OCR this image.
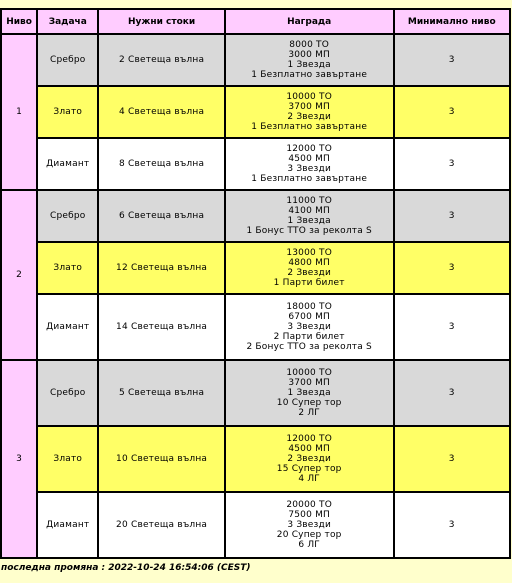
Ниво	Задача	Нужни стоки	Награда	Минимално ниво
1	Сребро	2 Светеща вълна	8000 ТО
3000 МП
1 Звезда
1 Безплатно завъртане	3
	Злато	4 Светеща вълна	10000 ТО
3700 МП
2 Звезди
1 Безплатно завъртане	3
	Диамант	8 Светеща вълна	12000 ТО
4500 МП
3 Звезди
1 Безплатно завъртане	3
2	Сребро	6 Светеща вълна	11000 ТО
4100 МП
1 Звезда
1 Бонус ТТО за реколта S	3
	Злато	12 Светеща вълна	13000 ТО
4800 МП
2 Звезди
1 Парти билет	3
	Диамант	14 Светеща вълна	18000 ТО
6700 МП
3 Звезди
2 Парти билет
2 Бонус ТТО за реколта S	3
3	Сребро	5 Светеща вълна	10000 ТО
3700 МП
1 Звезда
10 Супер тор
2 ЛГ	3
	Злато	10 Светеща вълна	12000 ТО
4500 МП
2 Звезди
15 Супер тор
4 ЛГ	3
	Диамант	20 Светеща вълна	20000 ТО
7500 МП
3 Звезди
20 Супер тор
6 ЛГ	3
последна промяна : 2022-10-24 16:54:06 (CEST)
